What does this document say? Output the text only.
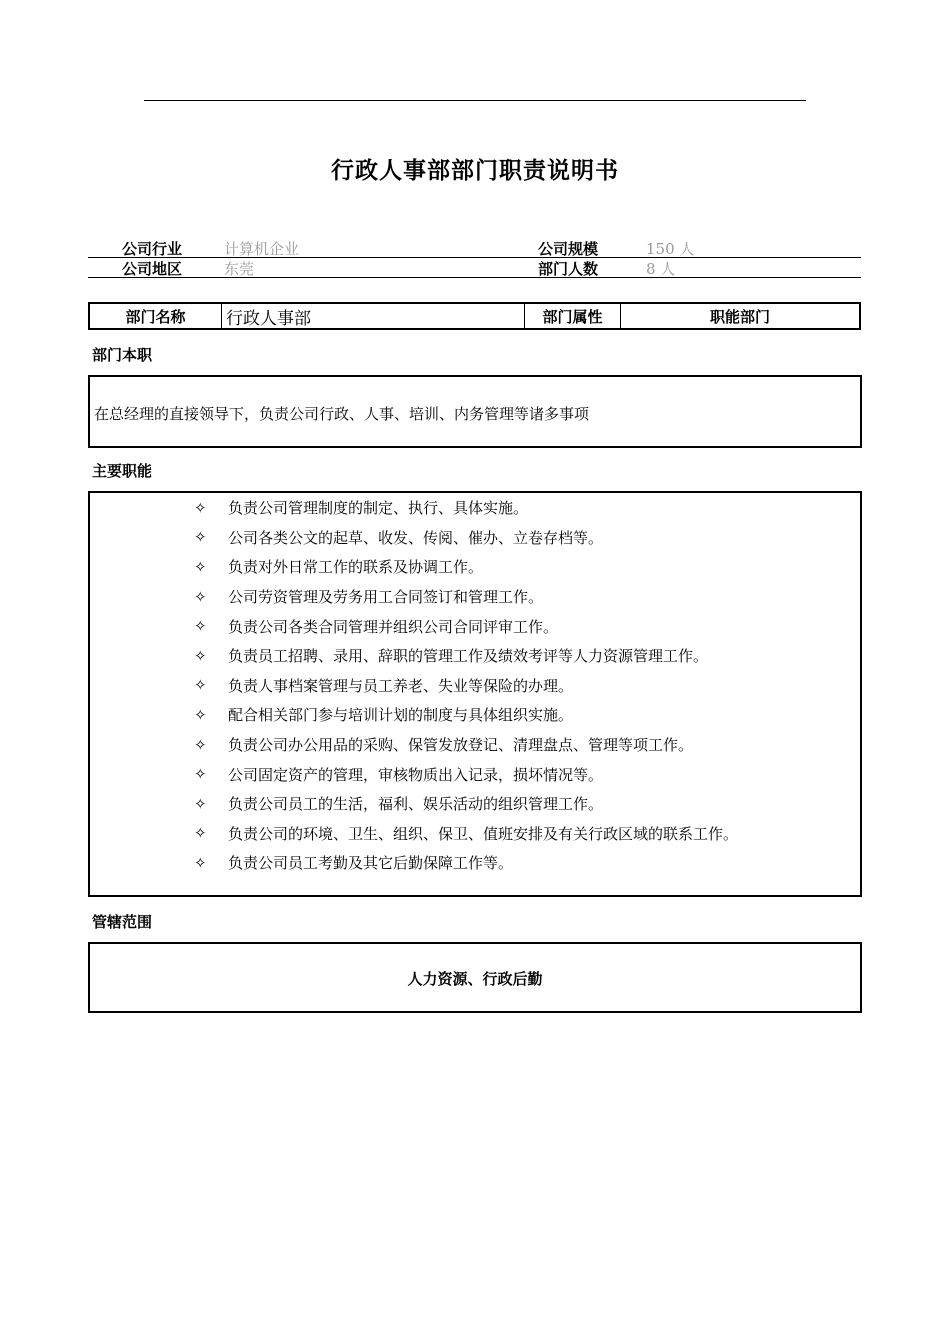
行政人事部部门职责说明书
公司行业	计算机企业	公司规模	150 人
公司地区	东莞	部门人数	8 人
部门名称	行政人事部	部门属性	职能部门
部门本职
在总经理的直接领导下，负责公司行政、人事、培训、内务管理等诸多事项
主要职能
✧	负责公司管理制度的制定、执行、具体实施。
✧	公司各类公文的起草、收发、传阅、催办、立卷存档等。
✧	负责对外日常工作的联系及协调工作。
✧	公司劳资管理及劳务用工合同签订和管理工作。
✧	负责公司各类合同管理并组织公司合同评审工作。
✧	负责员工招聘、录用、辞职的管理工作及绩效考评等人力资源管理工作。
✧	负责人事档案管理与员工养老、失业等保险的办理。
✧	配合相关部门参与培训计划的制度与具体组织实施。
✧	负责公司办公用品的采购、保管发放登记、清理盘点、管理等项工作。
✧	公司固定资产的管理，审核物质出入记录，损坏情况等。
✧	负责公司员工的生活，福利、娱乐活动的组织管理工作。
✧	负责公司的环境、卫生、组织、保卫、值班安排及有关行政区域的联系工作。
✧	负责公司员工考勤及其它后勤保障工作等。
管辖范围
人力资源、行政后勤
